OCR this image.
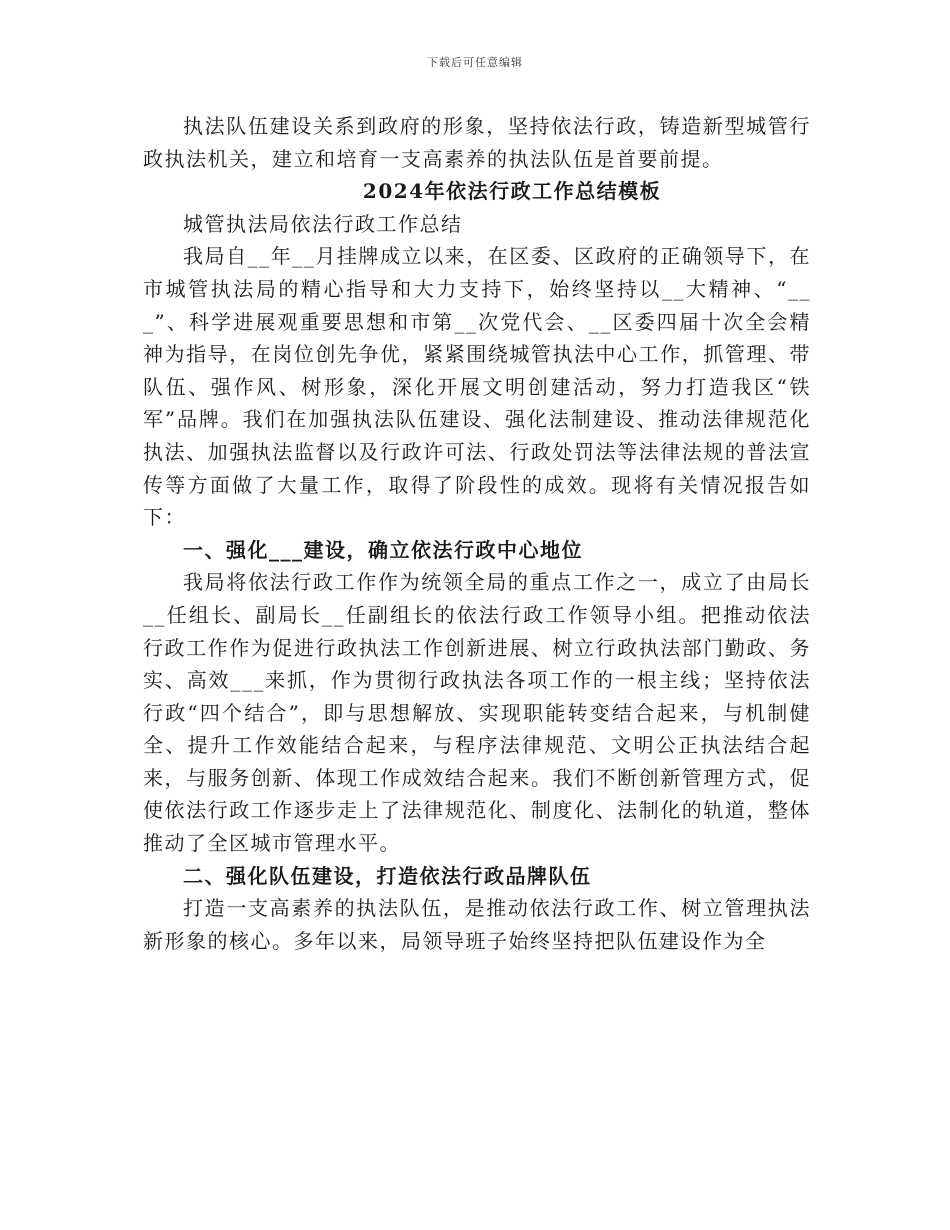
下载后可任意编辑

执法队伍建设关系到政府的形象，坚持依法行政，铸造新型城管行政执法机关，建立和培育一支高素养的执法队伍是首要前提。

2024年依法行政工作总结模板

城管执法局依法行政工作总结

我局自__年__月挂牌成立以来，在区委、区政府的正确领导下，在市城管执法局的精心指导和大力支持下，始终坚持以__大精神、“___”、科学进展观重要思想和市第__次党代会、__区委四届十次全会精神为指导，在岗位创先争优，紧紧围绕城管执法中心工作，抓管理、带队伍、强作风、树形象，深化开展文明创建活动，努力打造我区“铁军”品牌。我们在加强执法队伍建设、强化法制建设、推动法律规范化执法、加强执法监督以及行政许可法、行政处罚法等法律法规的普法宣传等方面做了大量工作，取得了阶段性的成效。现将有关情况报告如下：

一、强化___建设，确立依法行政中心地位

我局将依法行政工作作为统领全局的重点工作之一，成立了由局长__任组长、副局长__任副组长的依法行政工作领导小组。把推动依法行政工作作为促进行政执法工作创新进展、树立行政执法部门勤政、务实、高效___来抓，作为贯彻行政执法各项工作的一根主线；坚持依法行政“四个结合”，即与思想解放、实现职能转变结合起来，与机制健全、提升工作效能结合起来，与程序法律规范、文明公正执法结合起来，与服务创新、体现工作成效结合起来。我们不断创新管理方式，促使依法行政工作逐步走上了法律规范化、制度化、法制化的轨道，整体推动了全区城市管理水平。

二、强化队伍建设，打造依法行政品牌队伍

打造一支高素养的执法队伍，是推动依法行政工作、树立管理执法新形象的核心。多年以来，局领导班子始终坚持把队伍建设作为全
